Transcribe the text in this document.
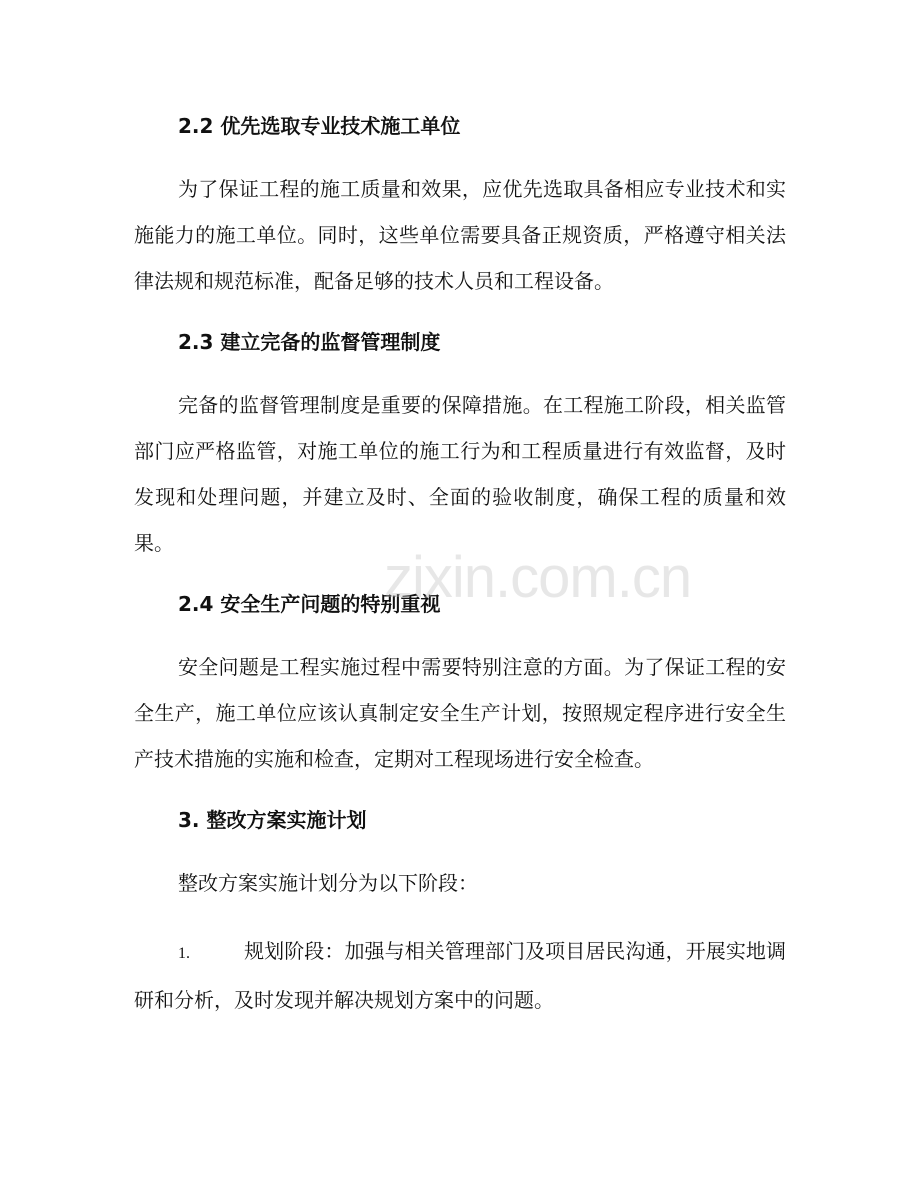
2.2 优先选取专业技术施工单位

为了保证工程的施工质量和效果，应优先选取具备相应专业技术和实施能力的施工单位。同时，这些单位需要具备正规资质，严格遵守相关法律法规和规范标准，配备足够的技术人员和工程设备。

2.3 建立完备的监督管理制度

完备的监督管理制度是重要的保障措施。在工程施工阶段，相关监管部门应严格监管，对施工单位的施工行为和工程质量进行有效监督，及时发现和处理问题，并建立及时、全面的验收制度，确保工程的质量和效果。

2.4 安全生产问题的特别重视

安全问题是工程实施过程中需要特别注意的方面。为了保证工程的安全生产，施工单位应该认真制定安全生产计划，按照规定程序进行安全生产技术措施的实施和检查，定期对工程现场进行安全检查。

3. 整改方案实施计划

整改方案实施计划分为以下阶段：

1.	规划阶段：加强与相关管理部门及项目居民沟通，开展实地调研和分析，及时发现并解决规划方案中的问题。
zixin.com.cn
